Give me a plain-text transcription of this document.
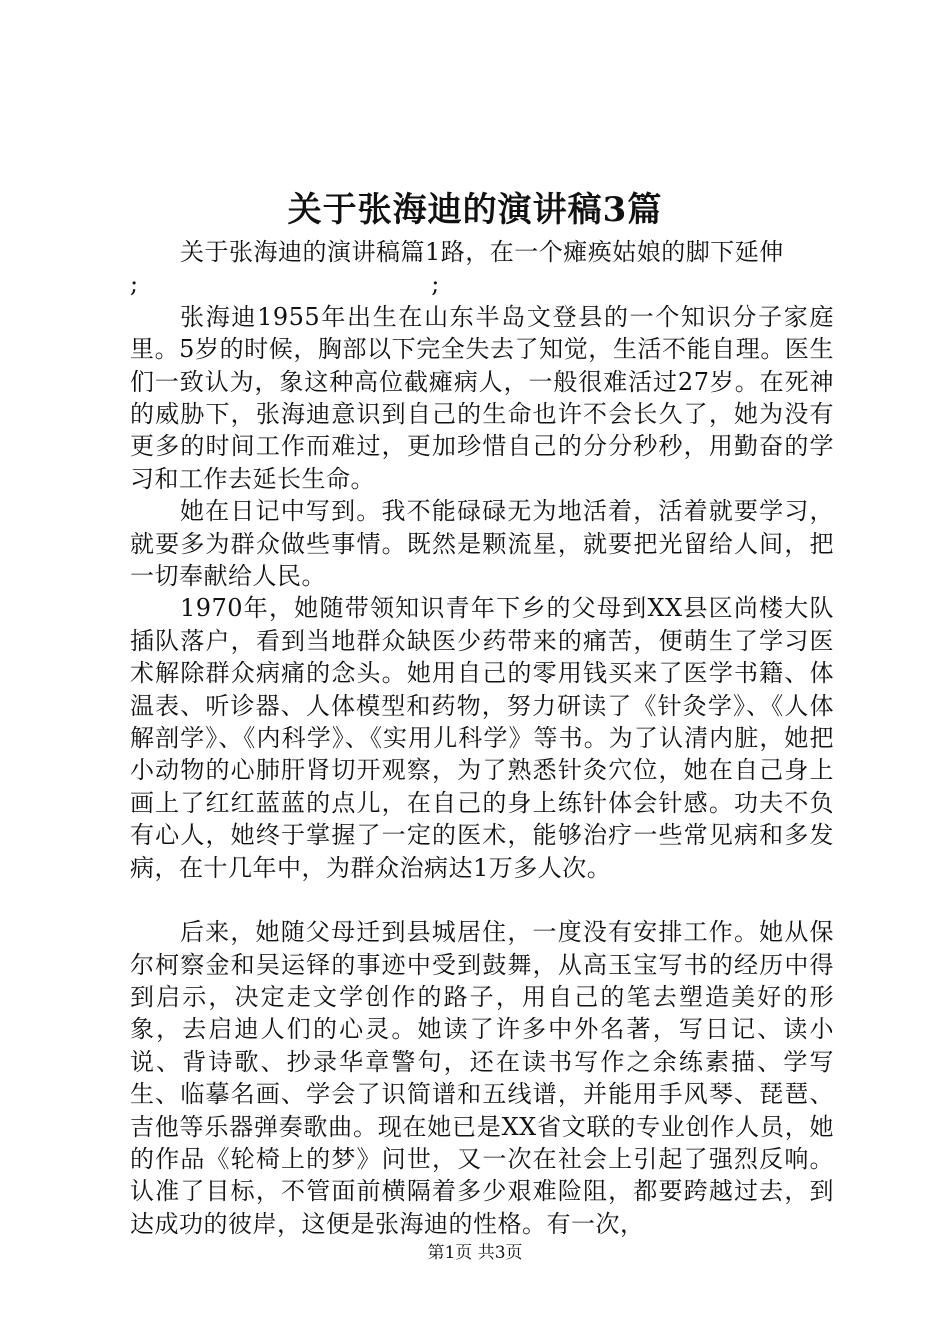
关于张海迪的演讲稿3篇

关于张海迪的演讲稿篇1路，在一个瘫痪姑娘的脚下延伸

;                                    ;

张海迪1955年出生在山东半岛文登县的一个知识分子家庭里。5岁的时候，胸部以下完全失去了知觉，生活不能自理。医生们一致认为，象这种高位截瘫病人，一般很难活过27岁。在死神的威胁下，张海迪意识到自己的生命也许不会长久了，她为没有更多的时间工作而难过，更加珍惜自己的分分秒秒，用勤奋的学习和工作去延长生命。

她在日记中写到。我不能碌碌无为地活着，活着就要学习，就要多为群众做些事情。既然是颗流星，就要把光留给人间，把一切奉献给人民。

1970年，她随带领知识青年下乡的父母到XX县区尚楼大队插队落户，看到当地群众缺医少药带来的痛苦，便萌生了学习医术解除群众病痛的念头。她用自己的零用钱买来了医学书籍、体温表、听诊器、人体模型和药物，努力研读了《针灸学》、《人体解剖学》、《内科学》、《实用儿科学》等书。为了认清内脏，她把小动物的心肺肝肾切开观察，为了熟悉针灸穴位，她在自己身上画上了红红蓝蓝的点儿，在自己的身上练针体会针感。功夫不负有心人，她终于掌握了一定的医术，能够治疗一些常见病和多发病，在十几年中，为群众治病达1万多人次。

后来，她随父母迁到县城居住，一度没有安排工作。她从保尔柯察金和吴运铎的事迹中受到鼓舞，从高玉宝写书的经历中得到启示，决定走文学创作的路子，用自己的笔去塑造美好的形象，去启迪人们的心灵。她读了许多中外名著，写日记、读小说、背诗歌、抄录华章警句，还在读书写作之余练素描、学写生、临摹名画、学会了识简谱和五线谱，并能用手风琴、琵琶、吉他等乐器弹奏歌曲。现在她已是XX省文联的专业创作人员，她的作品《轮椅上的梦》问世，又一次在社会上引起了强烈反响。认准了目标，不管面前横隔着多少艰难险阻，都要跨越过去，到达成功的彼岸，这便是张海迪的性格。有一次，

第1页 共3页
